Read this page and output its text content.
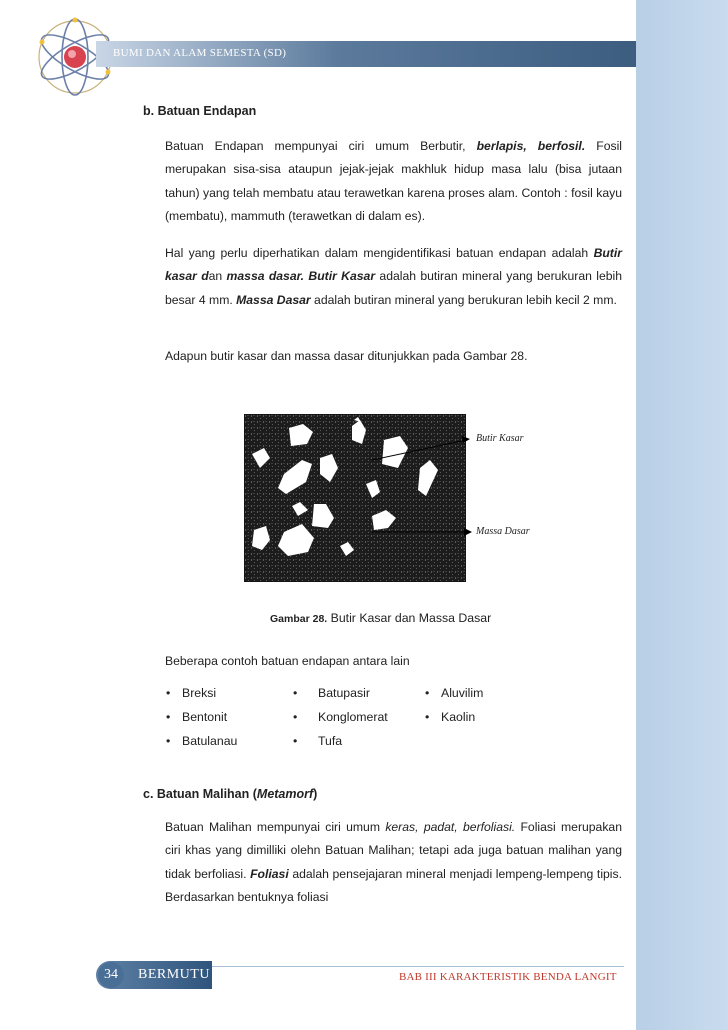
BUMI DAN ALAM SEMESTA (SD)
b. Batuan Endapan

Batuan Endapan mempunyai ciri umum Berbutir, berlapis, berfosil. Fosil merupakan sisa-sisa ataupun jejak-jejak makhluk hidup masa lalu (bisa jutaan tahun) yang telah membatu atau terawetkan karena proses alam. Contoh : fosil kayu (membatu), mammuth (terawetkan di dalam es).

Hal yang perlu diperhatikan dalam mengidentifikasi batuan endapan adalah Butir kasar dan massa dasar. Butir Kasar adalah butiran mineral yang berukuran lebih besar 4 mm. Massa Dasar adalah butiran mineral yang berukuran lebih kecil 2 mm.

Adapun butir kasar dan massa dasar ditunjukkan pada Gambar 28.

Butir Kasar
Massa Dasar
Gambar 28. Butir Kasar dan Massa Dasar

Beberapa contoh batuan endapan antara lain

• Breksi
• Bentonit
• Batulanau
• Batupasir
• Konglomerat
• Tufa
• Aluvilim
• Kaolin
c. Batuan Malihan (Metamorf)

Batuan Malihan mempunyai ciri umum keras, padat, berfoliasi. Foliasi merupakan ciri khas yang dimilliki olehn Batuan Malihan; tetapi ada juga batuan malihan yang tidak berfoliasi. Foliasi adalah pensejajaran mineral menjadi lempeng-lempeng tipis. Berdasarkan bentuknya foliasi

34	BERMUTU	BAB III KARAKTERISTIK BENDA LANGIT
